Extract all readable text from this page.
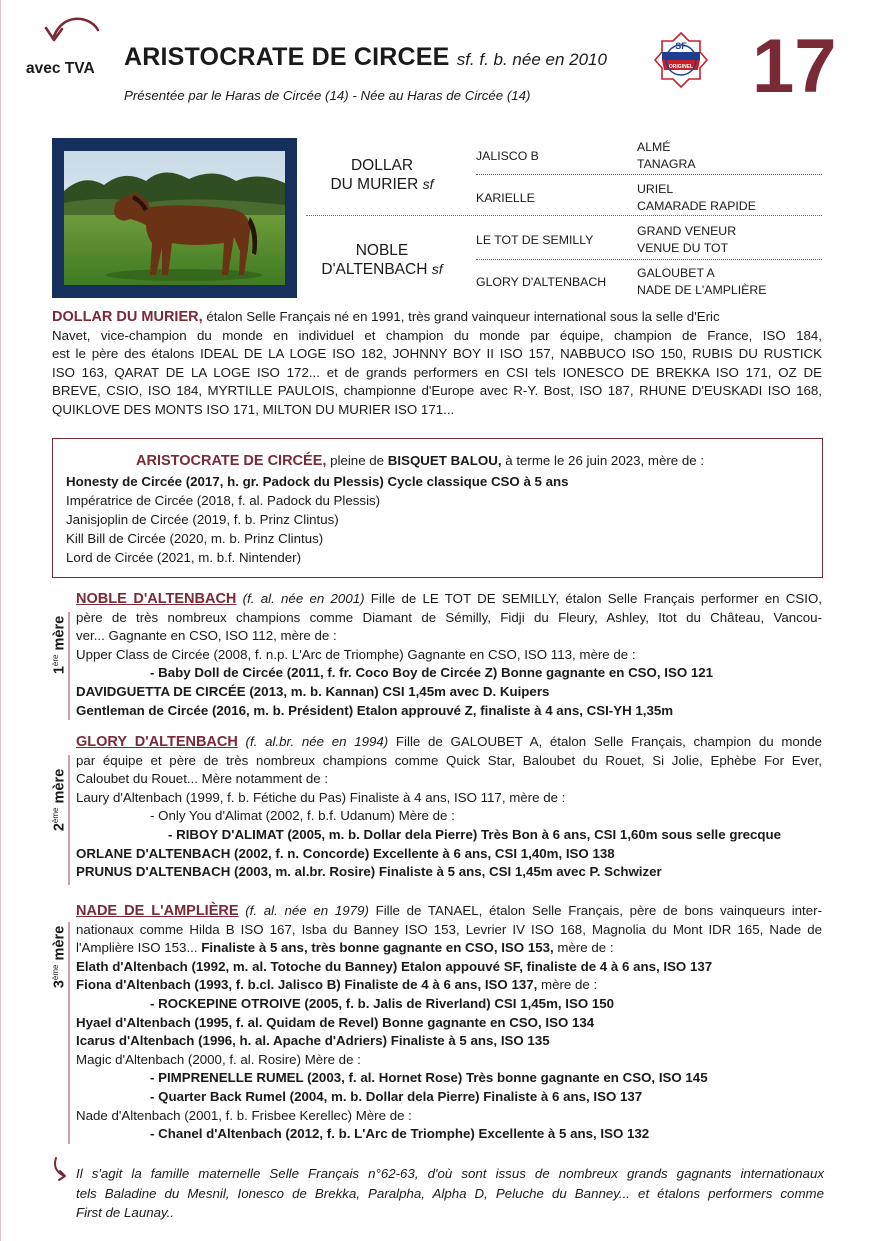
avec TVA ARISTOCRATE DE CIRCEE sf. f. b. née en 2010
Présentée par le Haras de Circée (14) - Née au Haras de Circée (14)
SF
ORIGINEL 17
DOLLAR
DU MURIER sf
NOBLE
D'ALTENBACH sf
JALISCO B
KARIELLE
LE TOT DE SEMILLY
GLORY D'ALTENBACH
ALMÉ
TANAGRA
URIEL
CAMARADE RAPIDE
GRAND VENEUR
VENUE DU TOT
GALOUBET A
NADE DE L'AMPLIÈRE
DOLLAR DU MURIER, étalon Selle Français né en 1991, très grand vainqueur international sous la selle d'Eric
Navet, vice-champion du monde en individuel et champion du monde par équipe, champion de France, ISO 184,
est le père des étalons IDEAL DE LA LOGE ISO 182, JOHNNY BOY II ISO 157, NABBUCO ISO 150, RUBIS DU RUSTICK
ISO 163, QARAT DE LA LOGE ISO 172... et de grands performers en CSI tels IONESCO DE BREKKA ISO 171, OZ DE
BREVE, CSIO, ISO 184, MYRTILLE PAULOIS, championne d'Europe avec R-Y. Bost, ISO 187, RHUNE D'EUSKADI ISO 168,
QUIKLOVE DES MONTS ISO 171, MILTON DU MURIER ISO 171...
ARISTOCRATE DE CIRCÉE, pleine de BISQUET BALOU, à terme le 26 juin 2023, mère de :
Honesty de Circée (2017, h. gr. Padock du Plessis) Cycle classique CSO à 5 ans
Impératrice de Circée (2018, f. al. Padock du Plessis)
Janisjoplin de Circée (2019, f. b. Prinz Clintus)
Kill Bill de Circée (2020, m. b. Prinz Clintus)
Lord de Circée (2021, m. b.f. Nintender)
1ère mère
NOBLE D'ALTENBACH (f. al. née en 2001) Fille de LE TOT DE SEMILLY, étalon Selle Français performer en CSIO,
père de très nombreux champions comme Diamant de Sémilly, Fidji du Fleury, Ashley, Itot du Château, Vancou-
ver... Gagnante en CSO, ISO 112, mère de :
Upper Class de Circée (2008, f. n.p. L'Arc de Triomphe) Gagnante en CSO, ISO 113, mère de :
- Baby Doll de Circée (2011, f. fr. Coco Boy de Circée Z) Bonne gagnante en CSO, ISO 121
DAVIDGUETTA DE CIRCÉE (2013, m. b. Kannan) CSI 1,45m avec D. Kuipers
Gentleman de Circée (2016, m. b. Président) Etalon approuvé Z, finaliste à 4 ans, CSI-YH 1,35m
2ème mère
GLORY D'ALTENBACH (f. al.br. née en 1994) Fille de GALOUBET A, étalon Selle Français, champion du monde
par équipe et père de très nombreux champions comme Quick Star, Baloubet du Rouet, Si Jolie, Ephèbe For Ever,
Caloubet du Rouet... Mère notamment de :
Laury d'Altenbach (1999, f. b. Fétiche du Pas) Finaliste à 4 ans, ISO 117, mère de :
- Only You d'Alimat (2002, f. b.f. Udanum) Mère de :
- RIBOY D'ALIMAT (2005, m. b. Dollar dela Pierre) Très Bon à 6 ans, CSI 1,60m sous selle grecque
ORLANE D'ALTENBACH (2002, f. n. Concorde) Excellente à 6 ans, CSI 1,40m, ISO 138
PRUNUS D'ALTENBACH (2003, m. al.br. Rosire) Finaliste à 5 ans, CSI 1,45m avec P. Schwizer
3ème mère
NADE DE L'AMPLIÈRE (f. al. née en 1979) Fille de TANAEL, étalon Selle Français, père de bons vainqueurs inter-
nationaux comme Hilda B ISO 167, Isba du Banney ISO 153, Levrier IV ISO 168, Magnolia du Mont IDR 165, Nade de
l'Amplière ISO 153... Finaliste à 5 ans, très bonne gagnante en CSO, ISO 153, mère de :
Elath d'Altenbach (1992, m. al. Totoche du Banney) Etalon appouvé SF, finaliste de 4 à 6 ans, ISO 137
Fiona d'Altenbach (1993, f. b.cl. Jalisco B) Finaliste de 4 à 6 ans, ISO 137, mère de :
- ROCKEPINE OTROIVE (2005, f. b. Jalis de Riverland) CSI 1,45m, ISO 150
Hyael d'Altenbach (1995, f. al. Quidam de Revel) Bonne gagnante en CSO, ISO 134
Icarus d'Altenbach (1996, h. al. Apache d'Adriers) Finaliste à 5 ans, ISO 135
Magic d'Altenbach (2000, f. al. Rosire) Mère de :
- PIMPRENELLE RUMEL (2003, f. al. Hornet Rose) Très bonne gagnante en CSO, ISO 145
- Quarter Back Rumel (2004, m. b. Dollar dela Pierre) Finaliste à 6 ans, ISO 137
Nade d'Altenbach (2001, f. b. Frisbee Kerellec) Mère de :
- Chanel d'Altenbach (2012, f. b. L'Arc de Triomphe) Excellente à 5 ans, ISO 132
Il s'agit la famille maternelle Selle Français n°62-63, d'où sont issus de nombreux grands gagnants internationaux
tels Baladine du Mesnil, Ionesco de Brekka, Paralpha, Alpha D, Peluche du Banney... et étalons performers comme
First de Launay..
